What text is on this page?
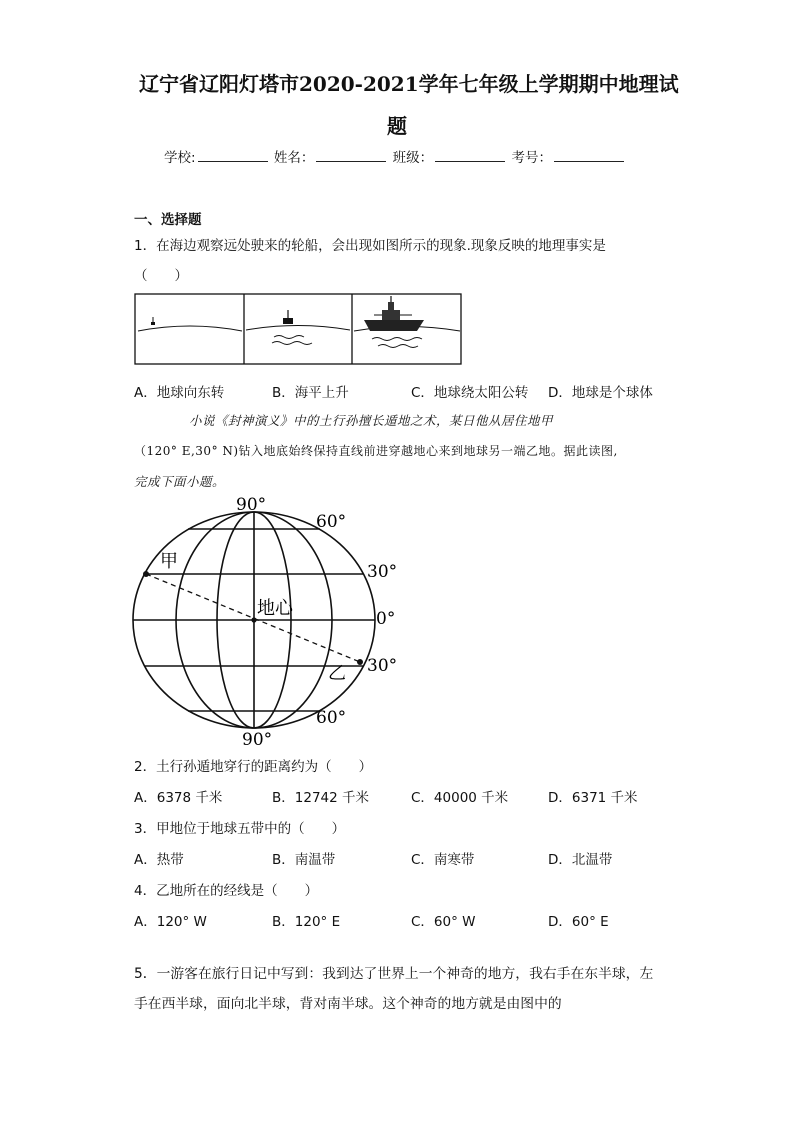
辽宁省辽阳灯塔市2020-2021学年七年级上学期期中地理试
题
学校:	姓名：	班级：	考号：
一、选择题
1．在海边观察远处驶来的轮船，会出现如图所示的现象.现象反映的地理事实是
（　　）
A．地球向东转	B．海平上升	C．地球绕太阳公转 D．地球是个球体
小说《封神演义》中的土行孙擅长遁地之术，某日他从居住地甲
（120° E,30° N)钻入地底始终保持直线前进穿越地心来到地球另一端乙地。据此读图,
完成下面小题。
90°
60°
30°
0°
30°
60°
90°
甲
地心
乙
2．土行孙遁地穿行的距离约为（　　）
A．6378 千米	B．12742 千米	C．40000 千米	D．6371 千米
3．甲地位于地球五带中的（　　）
A．热带	B．南温带	C．南寒带	D．北温带
4．乙地所在的经线是（　　）
A．120° W	B．120° E	C．60° W	D．60° E
5．一游客在旅行日记中写到：我到达了世界上一个神奇的地方，我右手在东半球，左
手在西半球，面向北半球，背对南半球。这个神奇的地方就是由图中的
